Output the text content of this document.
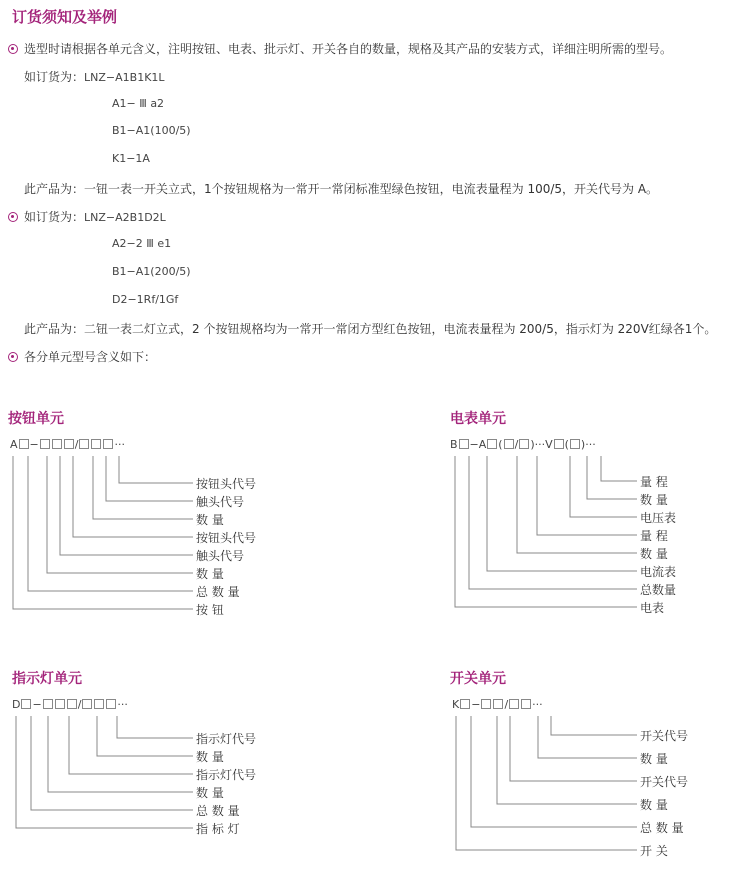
订货须知及举例
选型时请根据各单元含义，注明按钮、电表、批示灯、开关各自的数量，规格及其产品的安装方式，详细注明所需的型号。
如订货为：LNZ−A1B1K1L
A1− Ⅲ a2
B1−A1(100/5)
K1−1A
此产品为：一钮一表一开关立式，1个按钮规格为一常开一常闭标准型绿色按钮，电流表量程为 100/5，开关代号为 A。
如订货为：LNZ−A2B1D2L
A2−2 Ⅲ e1
B1−A1(200/5)
D2−1Rf/1Gf
此产品为：二钮一表二灯立式，2 个按钮规格均为一常开一常闭方型红色按钮，电流表量程为 200/5，指示灯为 220V红绿各1个。
各分单元型号含义如下：
按钮单元
A −	/	···
按钮头代号
触头代号
数 量
按钮头代号
触头代号
数 量
总 数 量
按 钮
电表单元
B −A ( / )···V ( )···
量 程
数 量
电压表
量 程
数 量
电流表
总数量
电表
指示灯单元
D −	/	···
指示灯代号
数 量
指示灯代号
数 量
总 数 量
指 标 灯
开关单元
K − / ···
开关代号
数 量
开关代号
数 量
总 数 量
开 关
